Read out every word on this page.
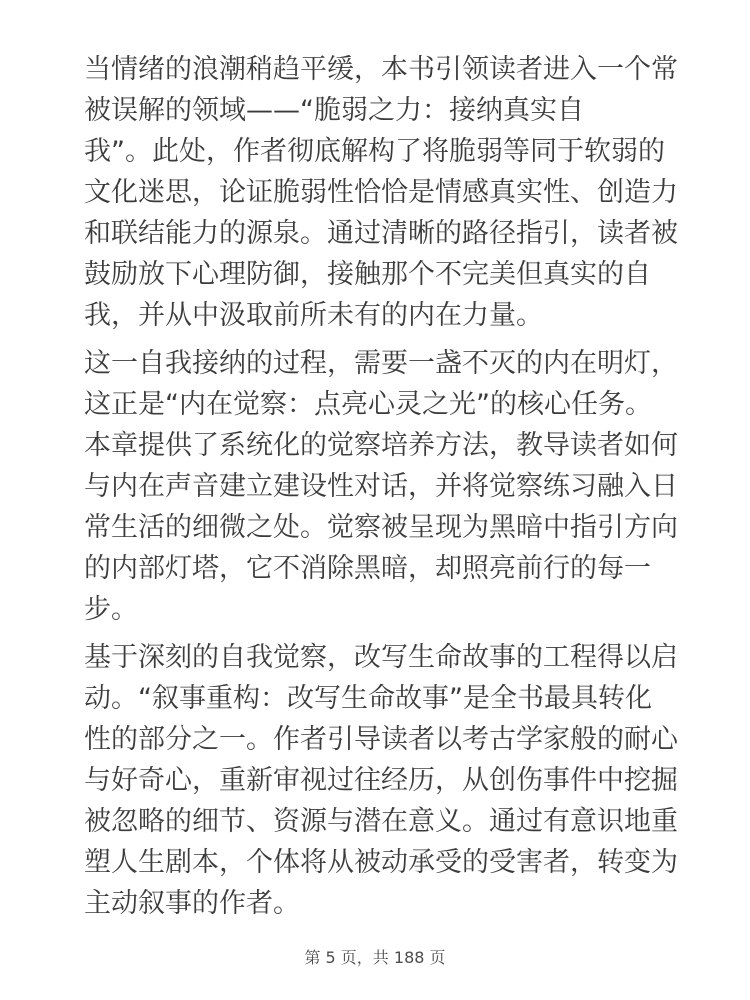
当情绪的浪潮稍趋平缓，本书引领读者进入一个常
被误解的领域——“脆弱之力：接纳真实自
我”。此处，作者彻底解构了将脆弱等同于软弱的
文化迷思，论证脆弱性恰恰是情感真实性、创造力
和联结能力的源泉。通过清晰的路径指引，读者被
鼓励放下心理防御，接触那个不完美但真实的自
我，并从中汲取前所未有的内在力量。
这一自我接纳的过程，需要一盏不灭的内在明灯，
这正是“内在觉察：点亮心灵之光”的核心任务。
本章提供了系统化的觉察培养方法，教导读者如何
与内在声音建立建设性对话，并将觉察练习融入日
常生活的细微之处。觉察被呈现为黑暗中指引方向
的内部灯塔，它不消除黑暗，却照亮前行的每一
步。
基于深刻的自我觉察，改写生命故事的工程得以启
动。“叙事重构：改写生命故事”是全书最具转化
性的部分之一。作者引导读者以考古学家般的耐心
与好奇心，重新审视过往经历，从创伤事件中挖掘
被忽略的细节、资源与潜在意义。通过有意识地重
塑人生剧本，个体将从被动承受的受害者，转变为
主动叙事的作者。
第 5 页，共 188 页
